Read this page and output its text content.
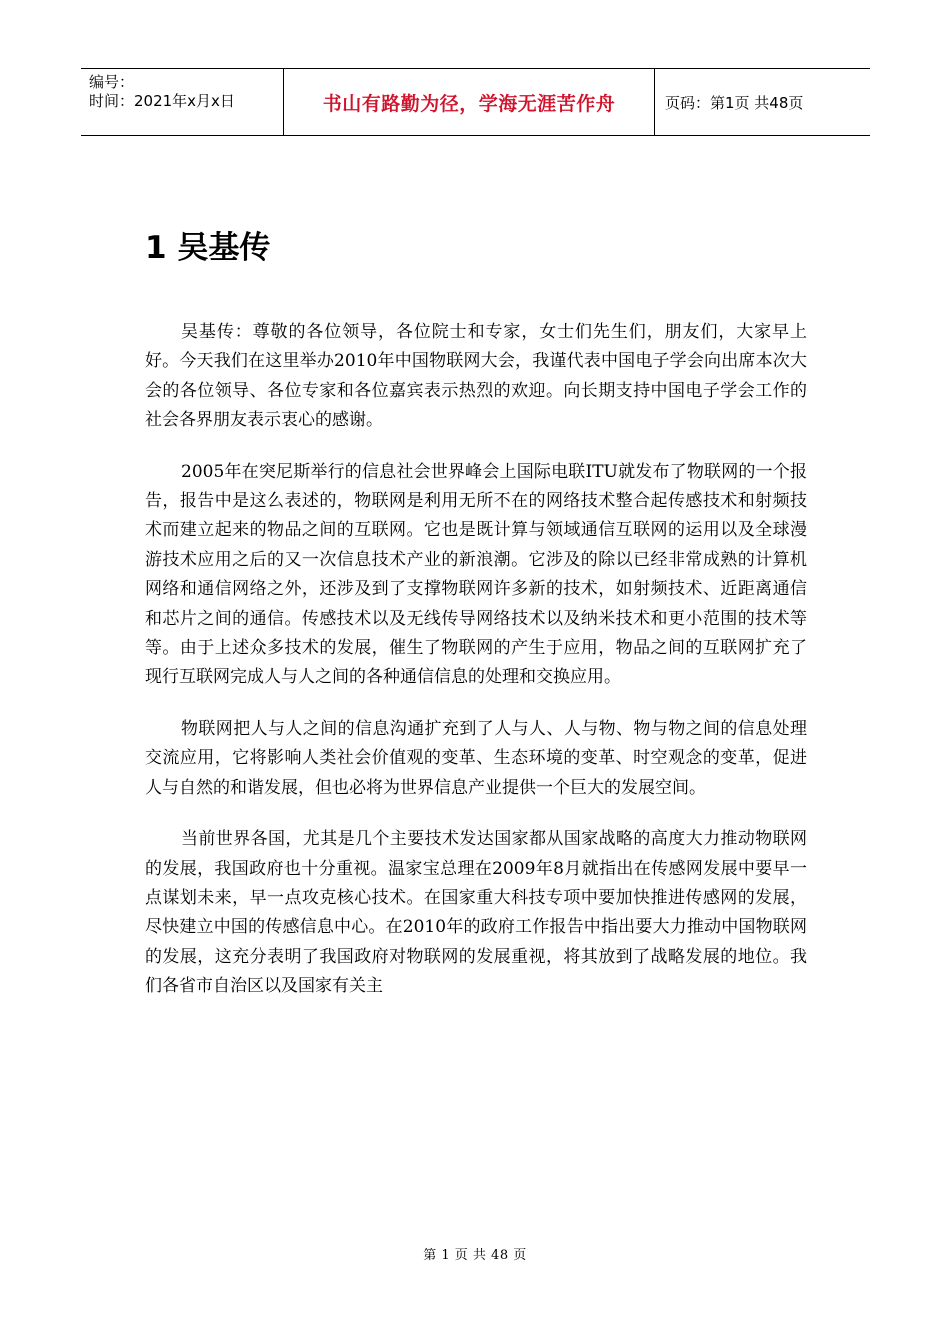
编号：
时间：2021年x月x日	书山有路勤为径，学海无涯苦作舟	页码：第1页 共48页
1 吴基传

吴基传：尊敬的各位领导，各位院士和专家，女士们先生们，朋友们，大家早上好。今天我们在这里举办2010年中国物联网大会，我谨代表中国电子学会向出席本次大会的各位领导、各位专家和各位嘉宾表示热烈的欢迎。向长期支持中国电子学会工作的社会各界朋友表示衷心的感谢。

2005年在突尼斯举行的信息社会世界峰会上国际电联ITU就发布了物联网的一个报告，报告中是这么表述的，物联网是利用无所不在的网络技术整合起传感技术和射频技术而建立起来的物品之间的互联网。它也是既计算与领域通信互联网的运用以及全球漫游技术应用之后的又一次信息技术产业的新浪潮。它涉及的除以已经非常成熟的计算机网络和通信网络之外，还涉及到了支撑物联网许多新的技术，如射频技术、近距离通信和芯片之间的通信。传感技术以及无线传导网络技术以及纳米技术和更小范围的技术等等。由于上述众多技术的发展，催生了物联网的产生于应用，物品之间的互联网扩充了现行互联网完成人与人之间的各种通信信息的处理和交换应用。

物联网把人与人之间的信息沟通扩充到了人与人、人与物、物与物之间的信息处理交流应用，它将影响人类社会价值观的变革、生态环境的变革、时空观念的变革，促进人与自然的和谐发展，但也必将为世界信息产业提供一个巨大的发展空间。

当前世界各国，尤其是几个主要技术发达国家都从国家战略的高度大力推动物联网的发展，我国政府也十分重视。温家宝总理在2009年8月就指出在传感网发展中要早一点谋划未来，早一点攻克核心技术。在国家重大科技专项中要加快推进传感网的发展，尽快建立中国的传感信息中心。在2010年的政府工作报告中指出要大力推动中国物联网的发展，这充分表明了我国政府对物联网的发展重视，将其放到了战略发展的地位。我们各省市自治区以及国家有关主

第 1 页 共 48 页
